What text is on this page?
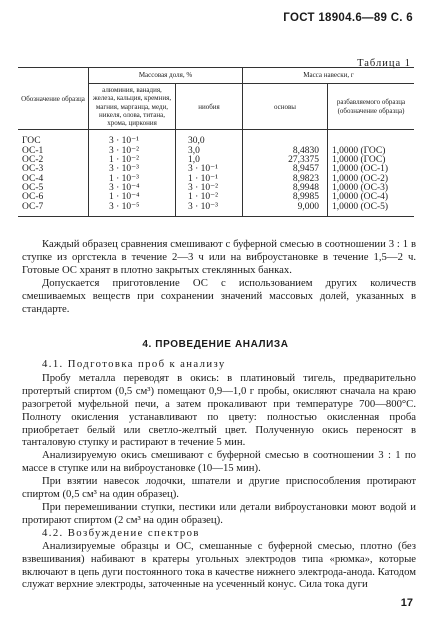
ГОСТ 18904.6—89 С. 6
Таблица 1
Обозначение образца	Массовая доля, %		Масса навески, г	
	алюминия, ванадия, железа, кальция, кремния, магния, марганца, меди, никеля, олова, титана, хрома, циркония	ниобия	основы	разбавляемого образца (обозначение образца)
ГОС	3 · 10⁻¹	30,0		
ОС-1	3 · 10⁻²	3,0	8,4830	1,0000 (ГОС)
ОС-2	1 · 10⁻²	1,0	27,3375	1,0000 (ГОС)
ОС-3	3 · 10⁻³	3 · 10⁻¹	8,9457	1,0000 (ОС-1)
ОС-4	1 · 10⁻³	1 · 10⁻¹	8,9823	1,0000 (ОС-2)
ОС-5	3 · 10⁻⁴	3 · 10⁻²	8,9948	1,0000 (ОС-3)
ОС-6	1 · 10⁻⁴	1 · 10⁻²	8,9985	1,0000 (ОС-4)
ОС-7	3 · 10⁻⁵	3 · 10⁻³	9,000	1,0000 (ОС-5)

Каждый образец сравнения смешивают с буферной смесью в соотношении 3 : 1 в ступке из оргстекла в течение 2—3 ч или на виброустановке в течение 1,5—2 ч. Готовые ОС хранят в плотно закрытых стеклянных банках.

Допускается приготовление ОС с использованием других количеств смешиваемых веществ при сохранении значений массовых долей, указанных в стандарте.

4. ПРОВЕДЕНИЕ АНАЛИЗА

4.1. Подготовка проб к анализу

Пробу металла переводят в окись: в платиновый тигель, предварительно протертый спиртом (0,5 см³) помещают 0,9—1,0 г пробы, окисляют сначала на краю разогретой муфельной печи, а затем прокаливают при температуре 700—800°С. Полноту окисления устанавливают по цвету: полностью окисленная проба приобретает белый или светло-желтый цвет. Полученную окись переносят в танталовую ступку и растирают в течение 5 мин.

Анализируемую окись смешивают с буферной смесью в соотношении 3 : 1 по массе в ступке или на виброустановке (10—15 мин).

При взятии навесок лодочки, шпатели и другие приспособления протирают спиртом (0,5 см³ на один образец).

При перемешивании ступки, пестики или детали виброустановки моют водой и протирают спиртом (2 см³ на один образец).

4.2. Возбуждение спектров

Анализируемые образцы и ОС, смешанные с буферной смесью, плотно (без взвешивания) набивают в кратеры угольных электродов типа «рюмка», которые включают в цепь дуги постоянного тока в качестве нижнего электрода-анода. Катодом служат верхние электроды, заточенные на усеченный конус. Сила тока дуги

17
